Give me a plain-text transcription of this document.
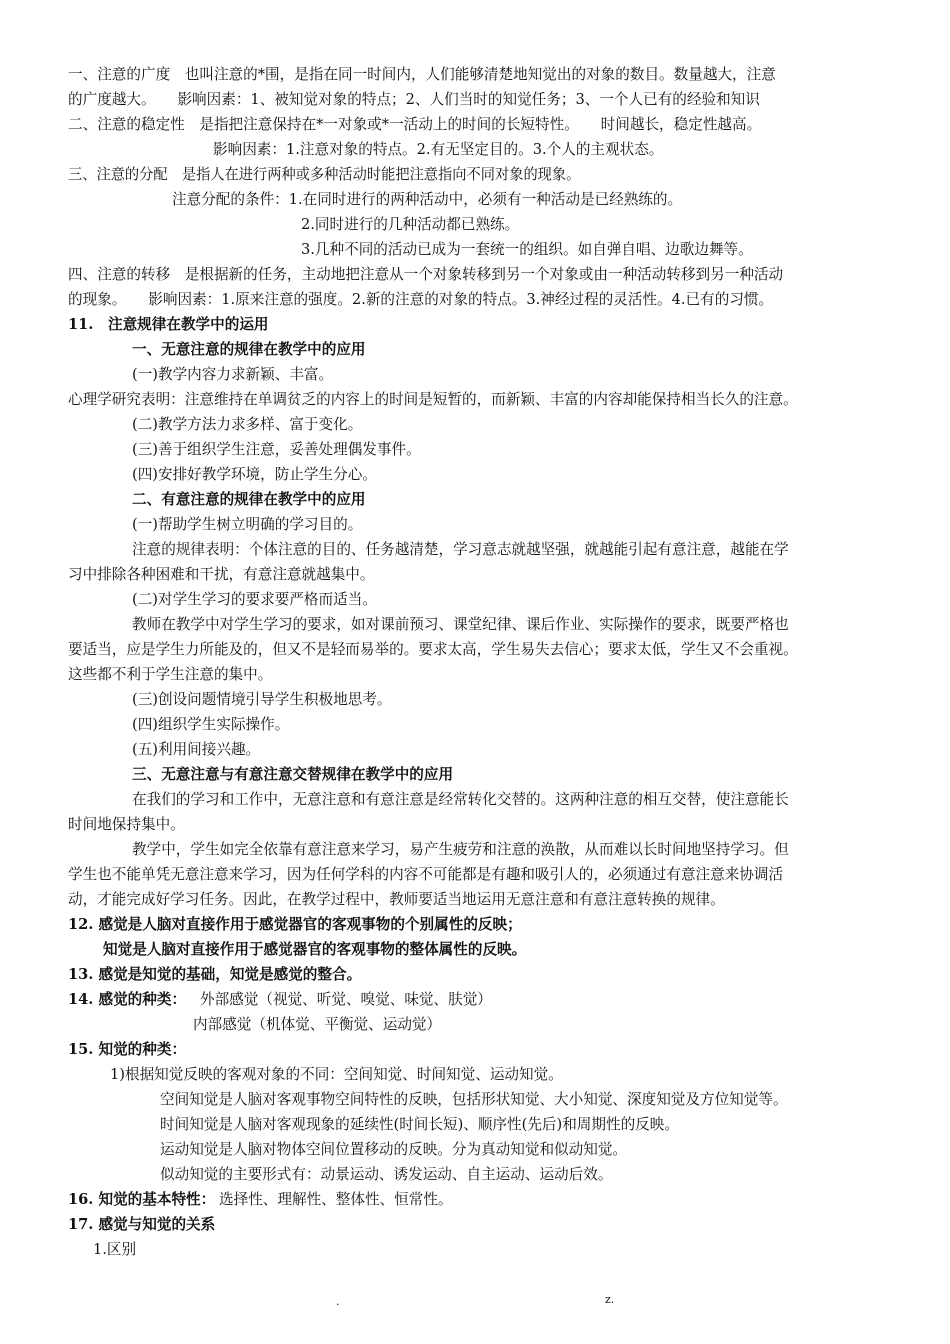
一、注意的广度　也叫注意的*围，是指在同一时间内，人们能够清楚地知觉出的对象的数目。数量越大，注意
的广度越大。　　影响因素：1、被知觉对象的特点；2、人们当时的知觉任务；3、一个人已有的经验和知识
二、注意的稳定性　是指把注意保持在*一对象或*一活动上的时间的长短特性。　　时间越长，稳定性越高。
影响因素：1.注意对象的特点。2.有无坚定目的。3.个人的主观状态。
三、注意的分配　是指人在进行两种或多种活动时能把注意指向不同对象的现象。
注意分配的条件：1.在同时进行的两种活动中，必须有一种活动是已经熟练的。
2.同时进行的几种活动都已熟练。
3.几种不同的活动已成为一套统一的组织。如自弹自唱、边歌边舞等。
四、注意的转移　是根据新的任务，主动地把注意从一个对象转移到另一个对象或由一种活动转移到另一种活动
的现象。　　影响因素：1.原来注意的强度。2.新的注意的对象的特点。3.神经过程的灵活性。4.已有的习惯。
11.　注意规律在教学中的运用
一、无意注意的规律在教学中的应用
(一)教学内容力求新颖、丰富。
心理学研究表明：注意维持在单调贫乏的内容上的时间是短暂的，而新颖、丰富的内容却能保持相当长久的注意。
(二)教学方法力求多样、富于变化。
(三)善于组织学生注意，妥善处理偶发事件。
(四)安排好教学环境，防止学生分心。
二、有意注意的规律在教学中的应用
(一)帮助学生树立明确的学习目的。
注意的规律表明：个体注意的目的、任务越清楚，学习意志就越坚强，就越能引起有意注意，越能在学
习中排除各种困难和干扰，有意注意就越集中。
(二)对学生学习的要求要严格而适当。
教师在教学中对学生学习的要求，如对课前预习、课堂纪律、课后作业、实际操作的要求，既要严格也
要适当，应是学生力所能及的，但又不是轻而易举的。要求太高，学生易失去信心；要求太低，学生又不会重视。
这些都不利于学生注意的集中。
(三)创设问题情境引导学生积极地思考。
(四)组织学生实际操作。
(五)利用间接兴趣。
三、无意注意与有意注意交替规律在教学中的应用
在我们的学习和工作中，无意注意和有意注意是经常转化交替的。这两种注意的相互交替，使注意能长
时间地保持集中。
教学中，学生如完全依靠有意注意来学习，易产生疲劳和注意的涣散，从而难以长时间地坚持学习。但
学生也不能单凭无意注意来学习，因为任何学科的内容不可能都是有趣和吸引人的，必须通过有意注意来协调活
动，才能完成好学习任务。因此，在教学过程中，教师要适当地运用无意注意和有意注意转换的规律。
12. 感觉是人脑对直接作用于感觉器官的客观事物的个别属性的反映；
知觉是人脑对直接作用于感觉器官的客观事物的整体属性的反映。
13. 感觉是知觉的基础，知觉是感觉的整合。
14. 感觉的种类： 外部感觉（视觉、听觉、嗅觉、味觉、肤觉）
内部感觉（机体觉、平衡觉、运动觉）
15. 知觉的种类：
1)根据知觉反映的客观对象的不同：空间知觉、时间知觉、运动知觉。
空间知觉是人脑对客观事物空间特性的反映，包括形状知觉、大小知觉、深度知觉及方位知觉等。
时间知觉是人脑对客观现象的延续性(时间长短)、顺序性(先后)和周期性的反映。
运动知觉是人脑对物体空间位置移动的反映。分为真动知觉和似动知觉。
似动知觉的主要形式有：动景运动、诱发运动、自主运动、运动后效。
16. 知觉的基本特性： 选择性、理解性、整体性、恒常性。
17. 感觉与知觉的关系
1.区别
.	z.
